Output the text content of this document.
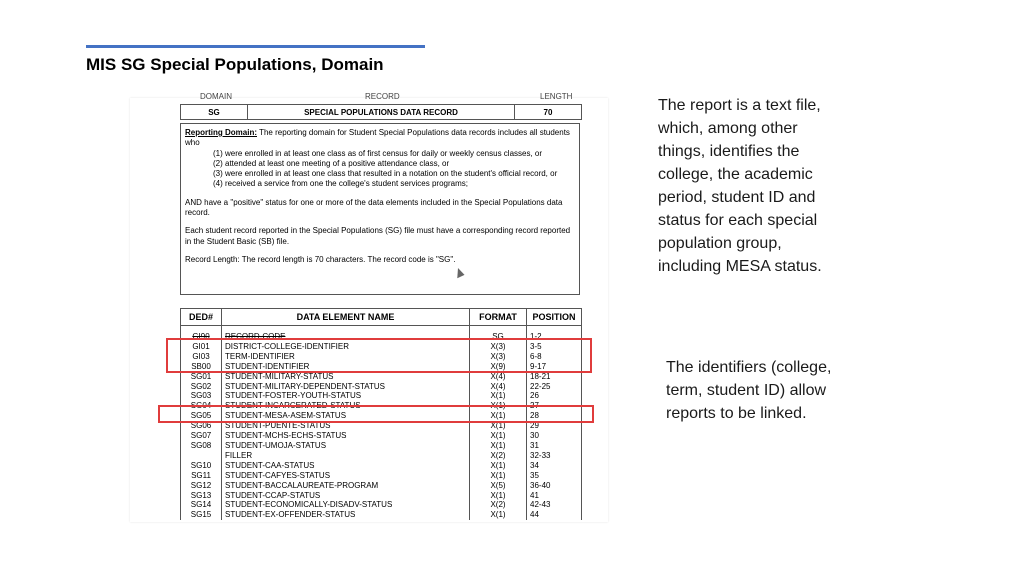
MIS SG Special Populations, Domain
DOMAIN	RECORD	LENGTH
SG	SPECIAL POPULATIONS DATA RECORD	70

Reporting Domain: The reporting domain for Student Special Populations data records includes all students who

(1) were enrolled in at least one class as of first census for daily or weekly census classes, or

(2) attended at least one meeting of a positive attendance class, or

(3) were enrolled in at least one class that resulted in a notation on the student's official record, or

(4) received a service from one the college's student services programs;

AND have a "positive" status for one or more of the data elements included in the Special Populations data record.

Each student record reported in the Special Populations (SG) file must have a corresponding record reported in the Student Basic (SB) file.

Record Length: The record length is 70 characters. The record code is "SG".

DED#	DATA ELEMENT NAME	FORMAT	POSITION

GI90	RECORD-CODE	SG	1-2
GI01	DISTRICT-COLLEGE-IDENTIFIER	X(3)	3-5
GI03	TERM-IDENTIFIER	X(3)	6-8
SB00	STUDENT-IDENTIFIER	X(9)	9-17
SG01	STUDENT-MILITARY-STATUS	X(4)	18-21
SG02	STUDENT-MILITARY-DEPENDENT-STATUS	X(4)	22-25
SG03	STUDENT-FOSTER-YOUTH-STATUS	X(1)	26
SG04	STUDENT-INCARCERATED-STATUS	X(1)	27
SG05	STUDENT-MESA-ASEM-STATUS	X(1)	28
SG06	STUDENT-PUENTE-STATUS	X(1)	29
SG07	STUDENT-MCHS-ECHS-STATUS	X(1)	30
SG08	STUDENT-UMOJA-STATUS	X(1)	31
	FILLER	X(2)	32-33
SG10	STUDENT-CAA-STATUS	X(1)	34
SG11	STUDENT-CAFYES-STATUS	X(1)	35
SG12	STUDENT-BACCALAUREATE-PROGRAM	X(5)	36-40
SG13	STUDENT-CCAP-STATUS	X(1)	41
SG14	STUDENT-ECONOMICALLY-DISADV-STATUS	X(2)	42-43
SG15	STUDENT-EX-OFFENDER-STATUS	X(1)	44
The report is a text file, which, among other things, identifies the college, the academic period, student ID and status for each special population group, including MESA status.
The identifiers (college, term, student ID) allow reports to be linked.
